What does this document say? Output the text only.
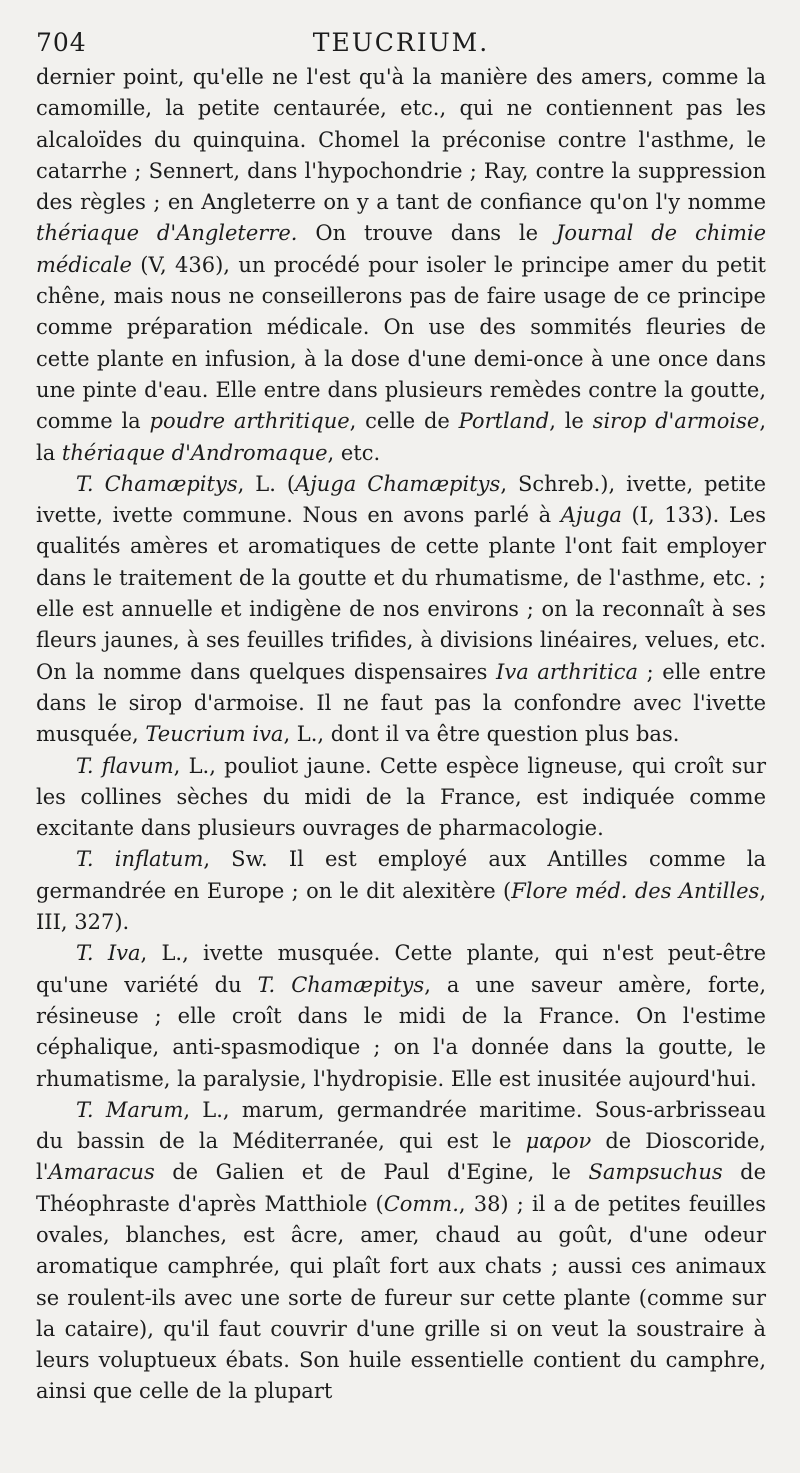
704	TEUCRIUM.

dernier point, qu'elle ne l'est qu'à la manière des amers, comme la camomille, la petite centaurée, etc., qui ne contiennent pas les alcaloïdes du quinquina. Chomel la préconise contre l'asthme, le catarrhe ; Sennert, dans l'hypochondrie ; Ray, contre la suppression des règles ; en Angleterre on y a tant de confiance qu'on l'y nomme thériaque d'Angleterre. On trouve dans le Journal de chimie médicale (V, 436), un procédé pour isoler le principe amer du petit chêne, mais nous ne conseillerons pas de faire usage de ce principe comme préparation médicale. On use des sommités fleuries de cette plante en infusion, à la dose d'une demi-once à une once dans une pinte d'eau. Elle entre dans plusieurs remèdes contre la goutte, comme la poudre arthritique, celle de Portland, le sirop d'armoise, la thériaque d'Andromaque, etc.

T. Chamæpitys, L. (Ajuga Chamæpitys, Schreb.), ivette, petite ivette, ivette commune. Nous en avons parlé à Ajuga (I, 133). Les qualités amères et aromatiques de cette plante l'ont fait employer dans le traitement de la goutte et du rhumatisme, de l'asthme, etc. ; elle est annuelle et indigène de nos environs ; on la reconnaît à ses fleurs jaunes, à ses feuilles trifides, à divisions linéaires, velues, etc. On la nomme dans quelques dispensaires Iva arthritica ; elle entre dans le sirop d'armoise. Il ne faut pas la confondre avec l'ivette musquée, Teucrium iva, L., dont il va être question plus bas.

T. flavum, L., pouliot jaune. Cette espèce ligneuse, qui croît sur les collines sèches du midi de la France, est indiquée comme excitante dans plusieurs ouvrages de pharmacologie.

T. inflatum, Sw. Il est employé aux Antilles comme la germandrée en Europe ; on le dit alexitère (Flore méd. des Antilles, III, 327).

T. Iva, L., ivette musquée. Cette plante, qui n'est peut-être qu'une variété du T. Chamæpitys, a une saveur amère, forte, résineuse ; elle croît dans le midi de la France. On l'estime céphalique, anti-spasmodique ; on l'a donnée dans la goutte, le rhumatisme, la paralysie, l'hydropisie. Elle est inusitée aujourd'hui.

T. Marum, L., marum, germandrée maritime. Sous-arbrisseau du bassin de la Méditerranée, qui est le μαρον de Dioscoride, l'Amaracus de Galien et de Paul d'Egine, le Sampsuchus de Théophraste d'après Matthiole (Comm., 38) ; il a de petites feuilles ovales, blanches, est âcre, amer, chaud au goût, d'une odeur aromatique camphrée, qui plaît fort aux chats ; aussi ces animaux se roulent-ils avec une sorte de fureur sur cette plante (comme sur la cataire), qu'il faut couvrir d'une grille si on veut la soustraire à leurs voluptueux ébats. Son huile essentielle contient du camphre, ainsi que celle de la plupart
